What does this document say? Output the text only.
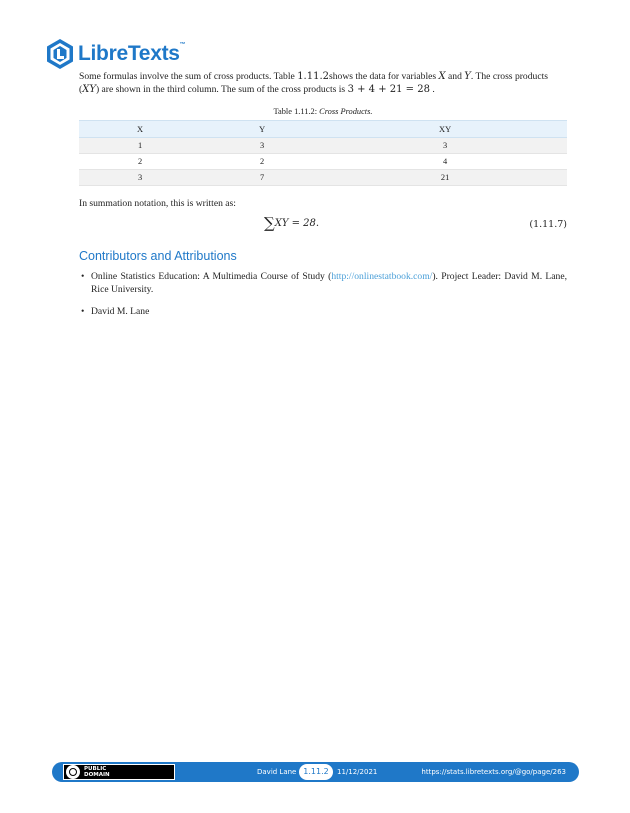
LibreTexts™

Some formulas involve the sum of cross products. Table 1.11.2shows the data for variables X and Y. The cross products (XY) are shown in the third column. The sum of the cross products is 3 + 4 + 21 = 28 .

Table 1.11.2: Cross Products.
X	Y	XY
1	3	3
2	2	4
3	7	21

In summation notation, this is written as:

∑XY = 28.	(1.11.7)
Contributors and Attributions
• Online Statistics Education: A Multimedia Course of Study (http://onlinestatbook.com/). Project Leader: David M. Lane, Rice University.
• David M. Lane
PUBLIC
DOMAIN	David Lane 1.11.2	11/12/2021	https://stats.libretexts.org/@go/page/263
